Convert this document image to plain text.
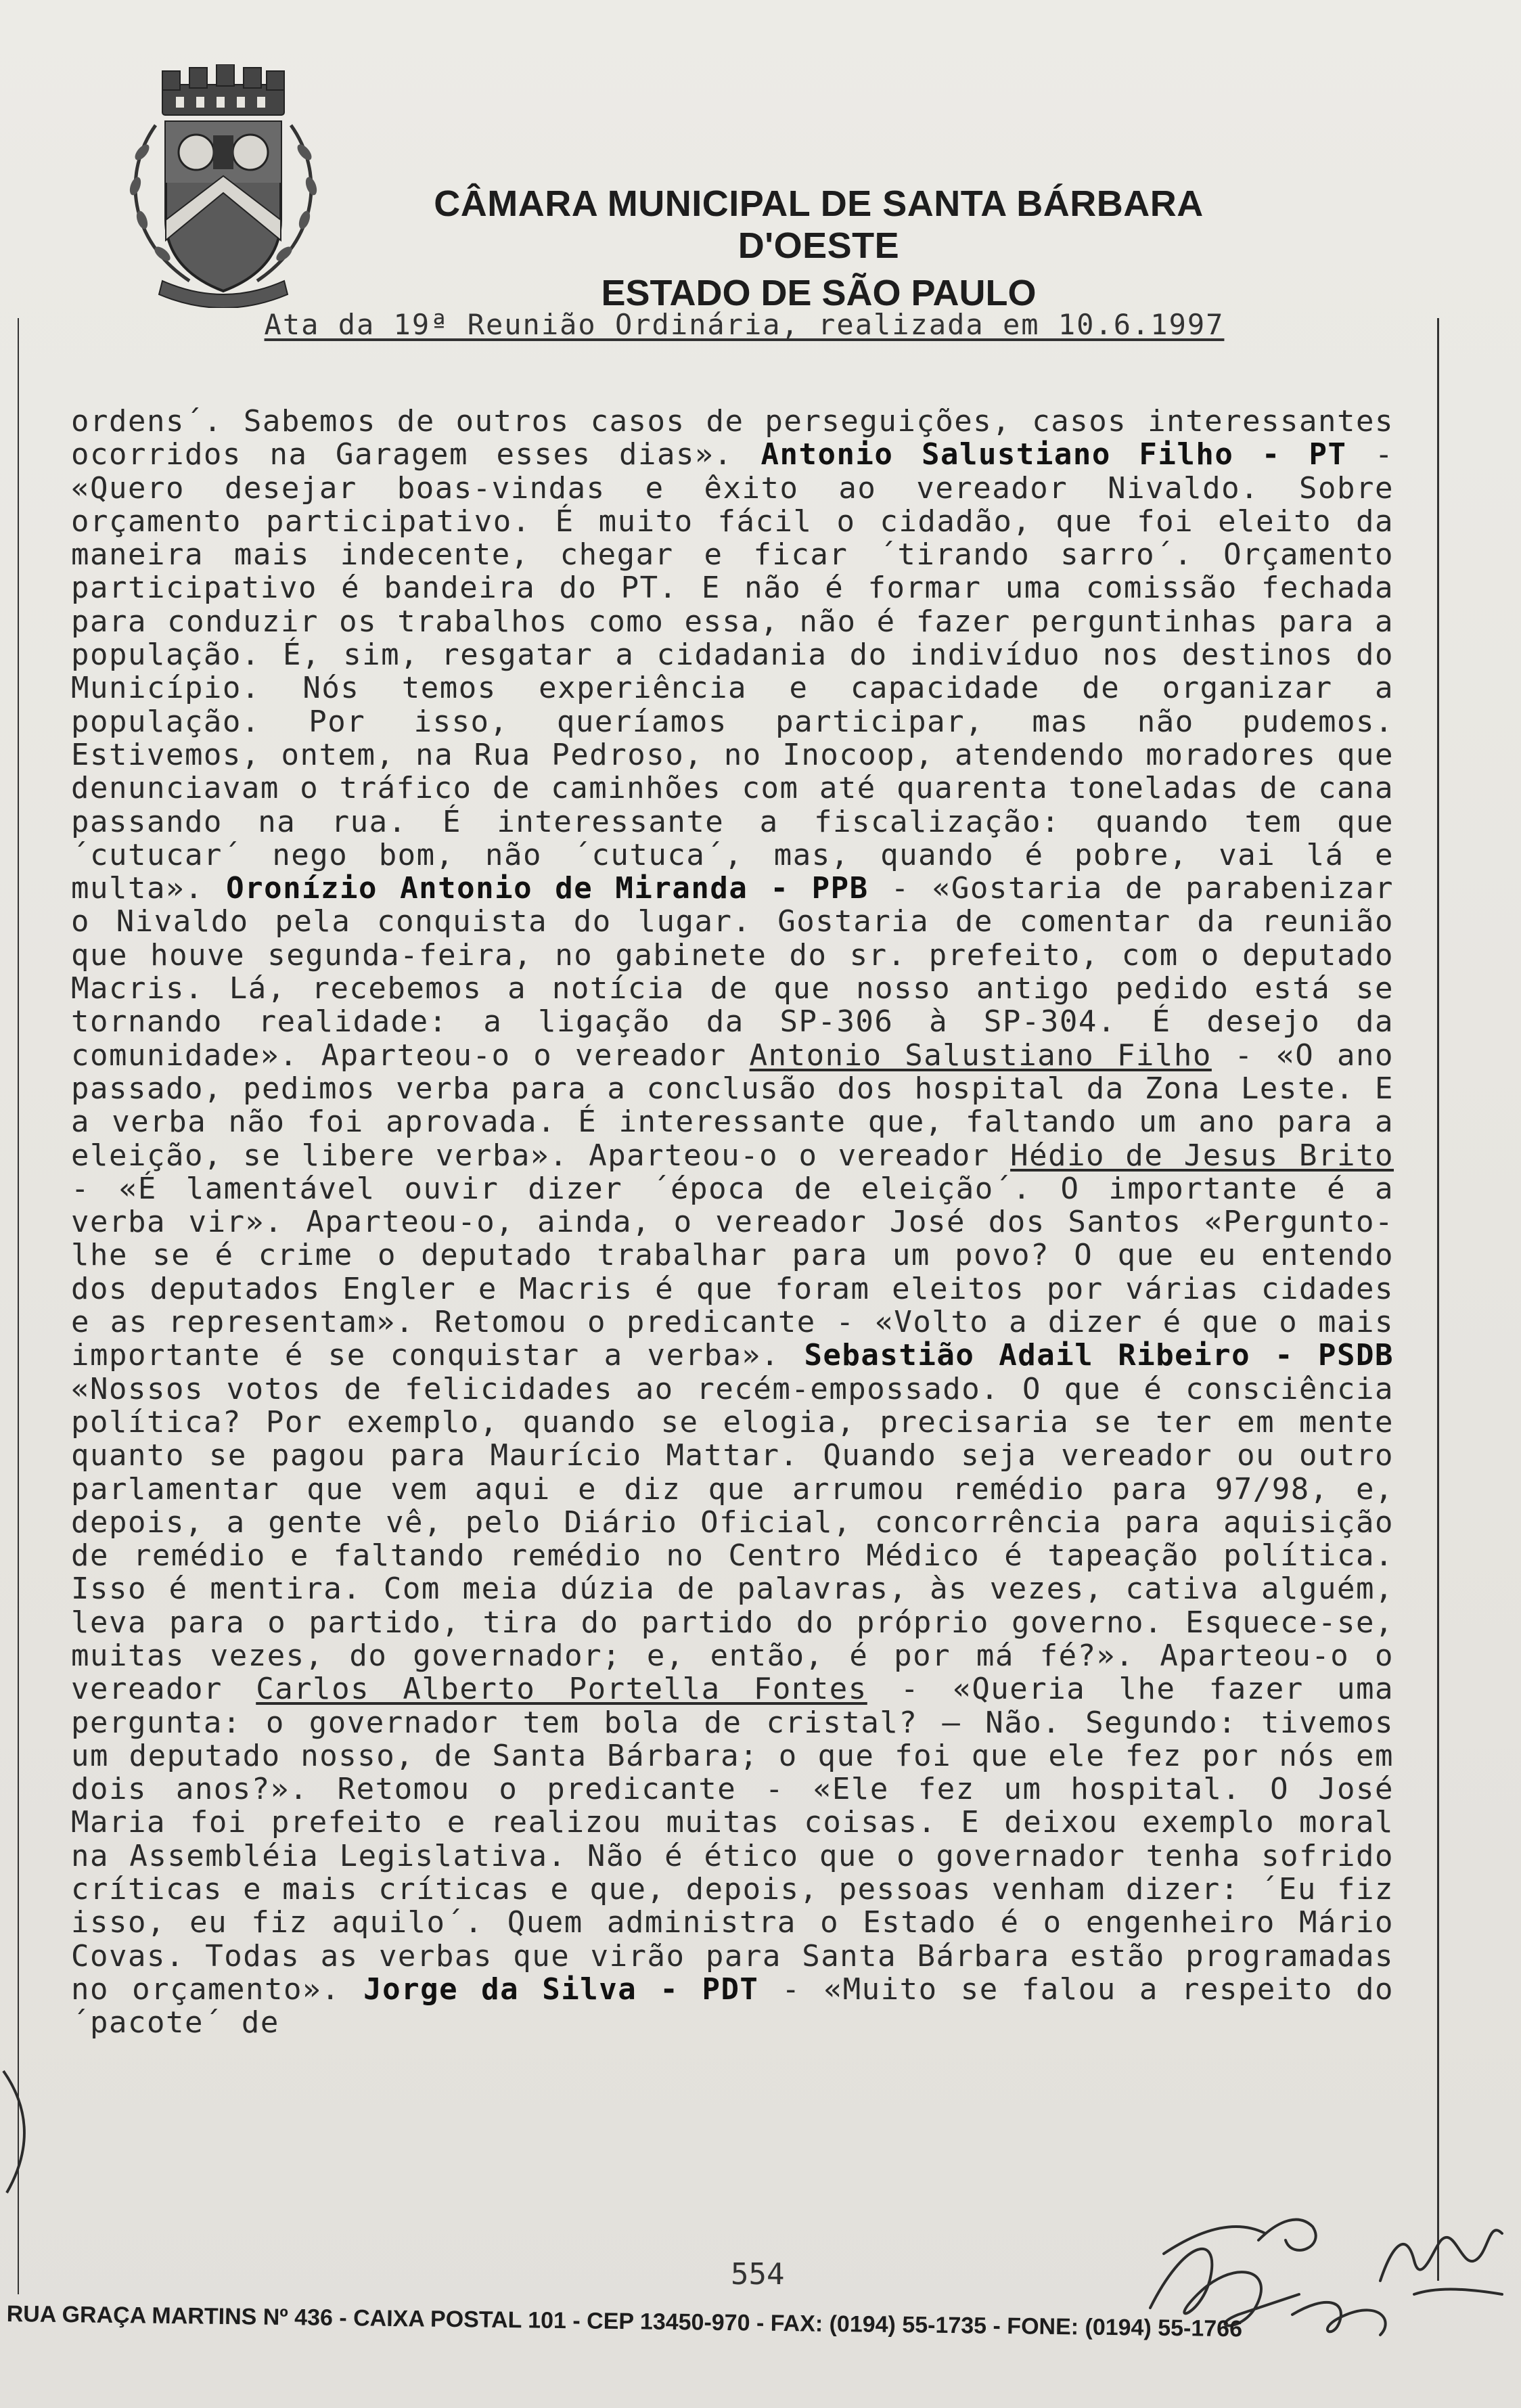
CÂMARA MUNICIPAL DE SANTA BÁRBARA D'OESTE
ESTADO DE SÃO PAULO
Ata da 19ª Reunião Ordinária, realizada em 10.6.1997

ordens´. Sabemos de outros casos de perseguições, casos interessantes ocorridos na Garagem esses dias». Antonio Salustiano Filho - PT - «Quero desejar boas-vindas e êxito ao vereador Nivaldo. Sobre orçamento participativo. É muito fácil o cidadão, que foi eleito da maneira mais indecente, chegar e ficar ´tirando sarro´. Orçamento participativo é bandeira do PT. E não é formar uma comissão fechada para conduzir os trabalhos como essa, não é fazer perguntinhas para a população. É, sim, resgatar a cidadania do indivíduo nos destinos do Município. Nós temos experiência e capacidade de organizar a população. Por isso, queríamos participar, mas não pudemos. Estivemos, ontem, na Rua Pedroso, no Inocoop, atendendo moradores que denunciavam o tráfico de caminhões com até quarenta toneladas de cana passando na rua. É interessante a fiscalização: quando tem que ´cutucar´ nego bom, não ´cutuca´, mas, quando é pobre, vai lá e multa». Oronízio Antonio de Miranda - PPB - «Gostaria de parabenizar o Nivaldo pela conquista do lugar. Gostaria de comentar da reunião que houve segunda-feira, no gabinete do sr. prefeito, com o deputado Macris. Lá, recebemos a notícia de que nosso antigo pedido está se tornando realidade: a ligação da SP-306 à SP-304. É desejo da comunidade». Aparteou-o o vereador Antonio Salustiano Filho - «O ano passado, pedimos verba para a conclusão dos hospital da Zona Leste. E a verba não foi aprovada. É interessante que, faltando um ano para a eleição, se libere verba». Aparteou-o o vereador Hédio de Jesus Brito - «É lamentável ouvir dizer ´época de eleição´. O importante é a verba vir». Aparteou-o, ainda, o vereador José dos Santos «Pergunto-lhe se é crime o deputado trabalhar para um povo? O que eu entendo dos deputados Engler e Macris é que foram eleitos por várias cidades e as representam». Retomou o predicante - «Volto a dizer é que o mais importante é se conquistar a verba». Sebastião Adail Ribeiro - PSDB «Nossos votos de felicidades ao recém-empossado. O que é consciência política? Por exemplo, quando se elogia, precisaria se ter em mente quanto se pagou para Maurício Mattar. Quando seja vereador ou outro parlamentar que vem aqui e diz que arrumou remédio para 97/98, e, depois, a gente vê, pelo Diário Oficial, concorrência para aquisição de remédio e faltando remédio no Centro Médico é tapeação política. Isso é mentira. Com meia dúzia de palavras, às vezes, cativa alguém, leva para o partido, tira do partido do próprio governo. Esquece-se, muitas vezes, do governador; e, então, é por má fé?». Aparteou-o o vereador Carlos Alberto Portella Fontes - «Queria lhe fazer uma pergunta: o governador tem bola de cristal? — Não. Segundo: tivemos um deputado nosso, de Santa Bárbara; o que foi que ele fez por nós em dois anos?». Retomou o predicante - «Ele fez um hospital. O José Maria foi prefeito e realizou muitas coisas. E deixou exemplo moral na Assembléia Legislativa. Não é ético que o governador tenha sofrido críticas e mais críticas e que, depois, pessoas venham dizer: ´Eu fiz isso, eu fiz aquilo´. Quem administra o Estado é o engenheiro Mário Covas. Todas as verbas que virão para Santa Bárbara estão programadas no orçamento». Jorge da Silva - PDT - «Muito se falou a respeito do ´pacote´ de

554
RUA GRAÇA MARTINS Nº 436 - CAIXA POSTAL 101 - CEP 13450-970 - FAX: (0194) 55-1735 - FONE: (0194) 55-1766
